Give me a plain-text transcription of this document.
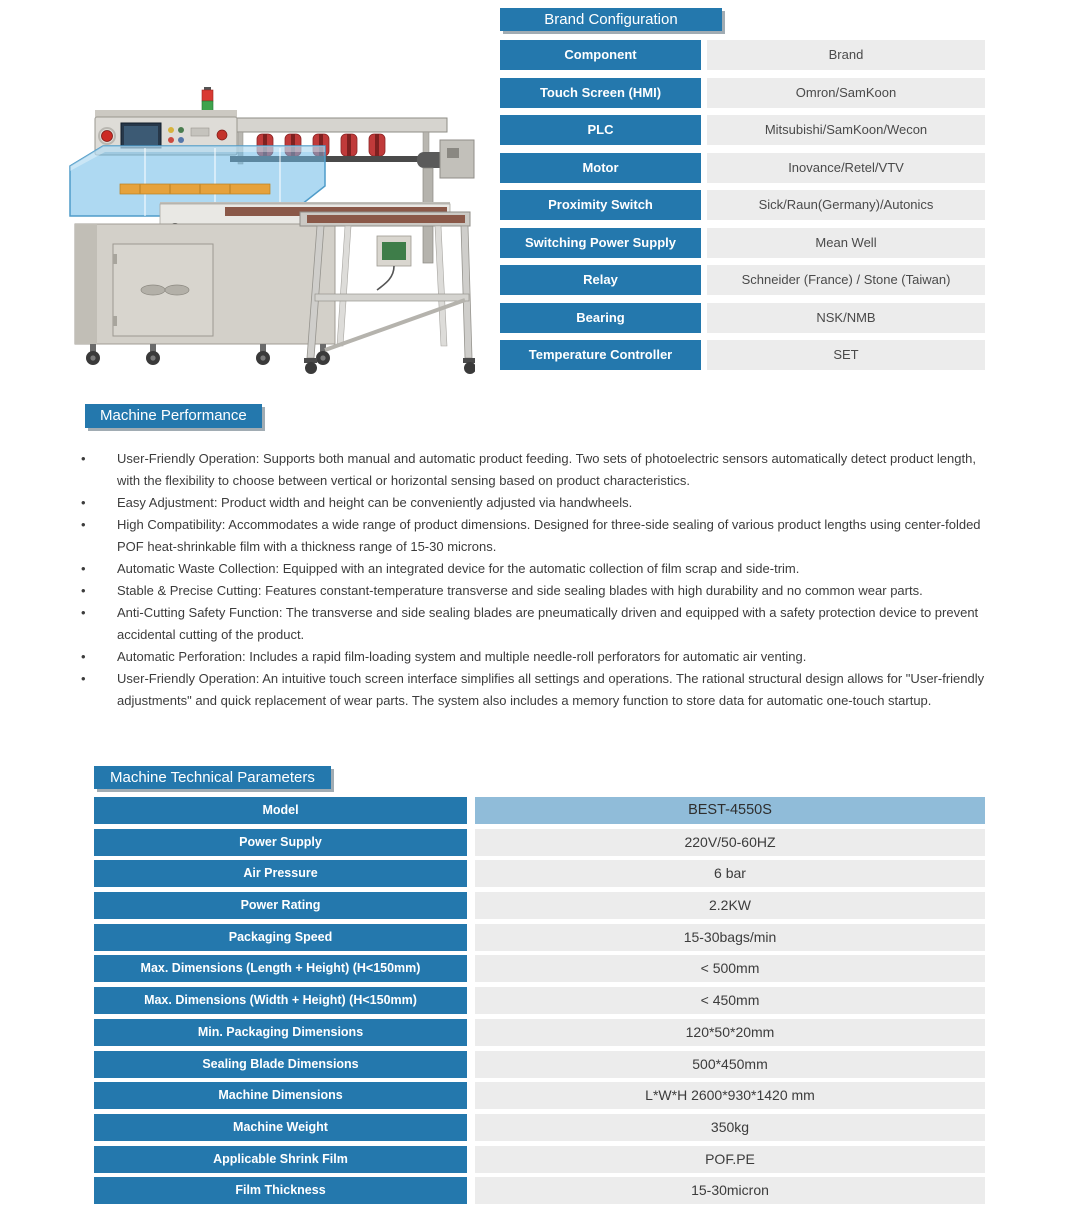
Brand Configuration
Component	Brand
Touch Screen (HMI)	Omron/SamKoon
PLC	Mitsubishi/SamKoon/Wecon
Motor	Inovance/Retel/VTV
Proximity Switch	Sick/Raun(Germany)/Autonics
Switching Power Supply	Mean Well
Relay	Schneider (France) / Stone (Taiwan)
Bearing	NSK/NMB
Temperature Controller	SET
Machine Performance
• User-Friendly Operation: Supports both manual and automatic product feeding. Two sets of photoelectric sensors automatically detect product length, with the flexibility to choose between vertical or horizontal sensing based on product characteristics.
• Easy Adjustment: Product width and height can be conveniently adjusted via handwheels.
• High Compatibility: Accommodates a wide range of product dimensions. Designed for three-side sealing of various product lengths using center-folded POF heat-shrinkable film with a thickness range of 15-30 microns.
• Automatic Waste Collection: Equipped with an integrated device for the automatic collection of film scrap and side-trim.
• Stable & Precise Cutting: Features constant-temperature transverse and side sealing blades with high durability and no common wear parts.
• Anti-Cutting Safety Function: The transverse and side sealing blades are pneumatically driven and equipped with a safety protection device to prevent accidental cutting of the product.
• Automatic Perforation: Includes a rapid film-loading system and multiple needle-roll perforators for automatic air venting.
• User-Friendly Operation: An intuitive touch screen interface simplifies all settings and operations. The rational structural design allows for "User-friendly adjustments" and quick replacement of wear parts. The system also includes a memory function to store data for automatic one-touch startup.
Machine Technical Parameters
Model	BEST-4550S
Power Supply	220V/50-60HZ
Air Pressure	6 bar
Power Rating	2.2KW
Packaging Speed	15-30bags/min
Max. Dimensions (Length + Height) (H<150mm)	< 500mm
Max. Dimensions (Width + Height) (H<150mm)	< 450mm
Min. Packaging Dimensions	120*50*20mm
Sealing Blade Dimensions	500*450mm
Machine Dimensions	L*W*H 2600*930*1420 mm
Machine Weight	350kg
Applicable Shrink Film	POF.PE
Film Thickness	15-30micron
